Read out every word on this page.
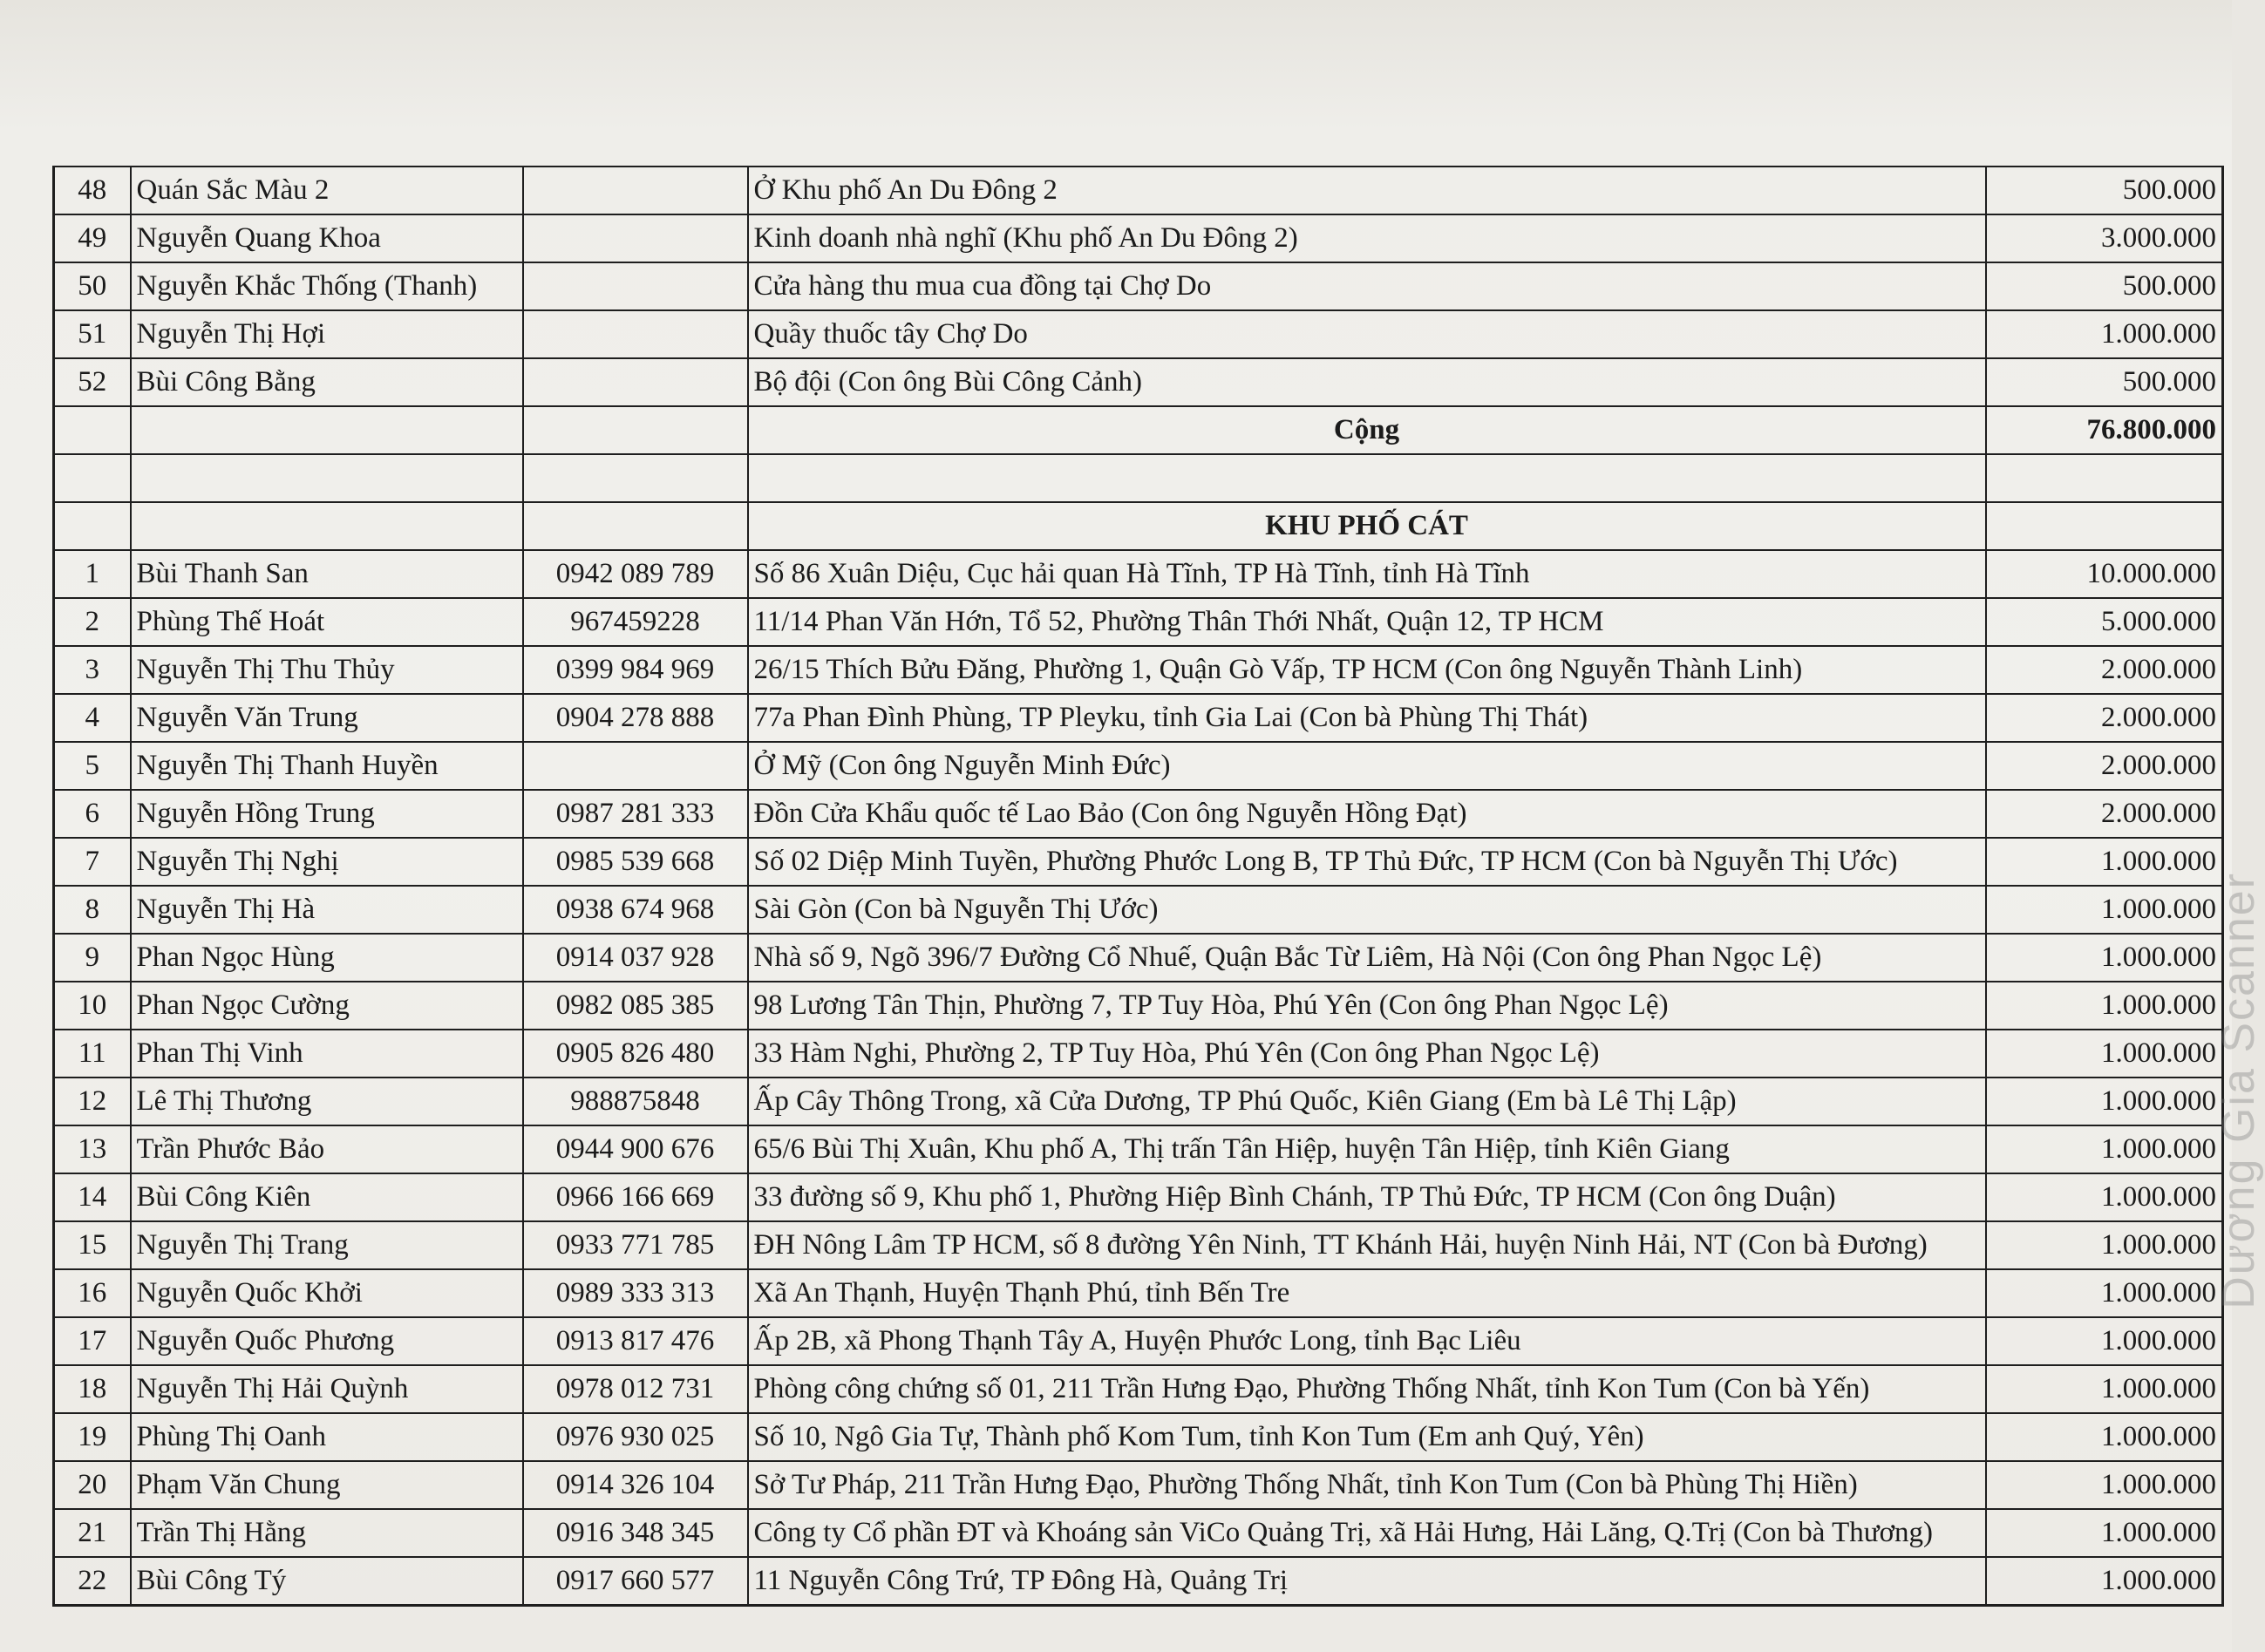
48	Quán Sắc Màu 2		Ở Khu phố An Du Đông 2	500.000
49	Nguyễn Quang Khoa		Kinh doanh nhà nghĩ (Khu phố An Du Đông 2)	3.000.000
50	Nguyễn Khắc Thống (Thanh)		Cửa hàng thu mua cua đồng tại Chợ Do	500.000
51	Nguyễn Thị Hợi		Quầy thuốc tây Chợ Do	1.000.000
52	Bùi Công Bằng		Bộ đội (Con ông Bùi Công Cảnh)	500.000
			Cộng	76.800.000

			KHU PHỐ CÁT	
1	Bùi Thanh San	0942 089 789	Số 86 Xuân Diệu, Cục hải quan Hà Tĩnh, TP Hà Tĩnh, tỉnh Hà Tĩnh	10.000.000
2	Phùng Thế Hoát	967459228	11/14 Phan Văn Hớn, Tổ 52, Phường Thân Thới Nhất, Quận 12, TP HCM	5.000.000
3	Nguyễn Thị Thu Thủy	0399 984 969	26/15 Thích Bửu Đăng, Phường 1, Quận Gò Vấp, TP HCM (Con ông Nguyễn Thành Linh)	2.000.000
4	Nguyễn Văn Trung	0904 278 888	77a Phan Đình Phùng, TP Pleyku, tỉnh Gia Lai (Con bà Phùng Thị Thát)	2.000.000
5	Nguyễn Thị Thanh Huyền		Ở Mỹ (Con ông Nguyễn Minh Đức)	2.000.000
6	Nguyễn Hồng Trung	0987 281 333	Đồn Cửa Khẩu quốc tế Lao Bảo (Con ông Nguyễn Hồng Đạt)	2.000.000
7	Nguyễn Thị Nghị	0985 539 668	Số 02 Diệp Minh Tuyền, Phường Phước Long B, TP Thủ Đức, TP HCM (Con bà Nguyễn Thị Ước)	1.000.000
8	Nguyễn Thị Hà	0938 674 968	Sài Gòn (Con bà Nguyễn Thị Ước)	1.000.000
9	Phan Ngọc Hùng	0914 037 928	Nhà số 9, Ngõ 396/7 Đường Cổ Nhuế, Quận Bắc Từ Liêm, Hà Nội (Con ông Phan Ngọc Lệ)	1.000.000
10	Phan Ngọc Cường	0982 085 385	98 Lương Tân Thịn, Phường 7, TP Tuy Hòa, Phú Yên (Con ông Phan Ngọc Lệ)	1.000.000
11	Phan Thị Vinh	0905 826 480	33 Hàm Nghi, Phường 2, TP Tuy Hòa, Phú Yên (Con ông Phan Ngọc Lệ)	1.000.000
12	Lê Thị Thương	988875848	Ấp Cây Thông Trong, xã Cửa Dương, TP Phú Quốc, Kiên Giang (Em bà Lê Thị Lập)	1.000.000
13	Trần Phước Bảo	0944 900 676	65/6 Bùi Thị Xuân, Khu phố A, Thị trấn Tân Hiệp, huyện Tân Hiệp, tỉnh Kiên Giang	1.000.000
14	Bùi Công Kiên	0966 166 669	33 đường số 9, Khu phố 1, Phường Hiệp Bình Chánh, TP Thủ Đức, TP HCM (Con ông Duận)	1.000.000
15	Nguyễn Thị Trang	0933 771 785	ĐH Nông Lâm TP HCM, số 8 đường Yên Ninh, TT Khánh Hải, huyện Ninh Hải, NT (Con bà Đương)	1.000.000
16	Nguyễn Quốc Khởi	0989 333 313	Xã An Thạnh, Huyện Thạnh Phú, tỉnh Bến Tre	1.000.000
17	Nguyễn Quốc Phương	0913 817 476	Ấp 2B, xã Phong Thạnh Tây A, Huyện Phước Long, tỉnh Bạc Liêu	1.000.000
18	Nguyễn Thị Hải Quỳnh	0978 012 731	Phòng công chứng số 01, 211 Trần Hưng Đạo, Phường Thống Nhất, tỉnh Kon Tum (Con bà Yến)	1.000.000
19	Phùng Thị Oanh	0976 930 025	Số 10, Ngô Gia Tự, Thành phố Kom Tum, tỉnh Kon Tum (Em anh Quý, Yên)	1.000.000
20	Phạm Văn Chung	0914 326 104	Sở Tư Pháp, 211 Trần Hưng Đạo, Phường Thống Nhất, tỉnh Kon Tum (Con bà Phùng Thị Hiền)	1.000.000
21	Trần Thị Hằng	0916 348 345	Công ty Cổ phần ĐT và Khoáng sản ViCo Quảng Trị, xã Hải Hưng, Hải Lăng, Q.Trị (Con bà Thương)	1.000.000
22	Bùi Công Tý	0917 660 577	11 Nguyễn Công Trứ, TP Đông Hà, Quảng Trị	1.000.000
Dương Gia Scanner
